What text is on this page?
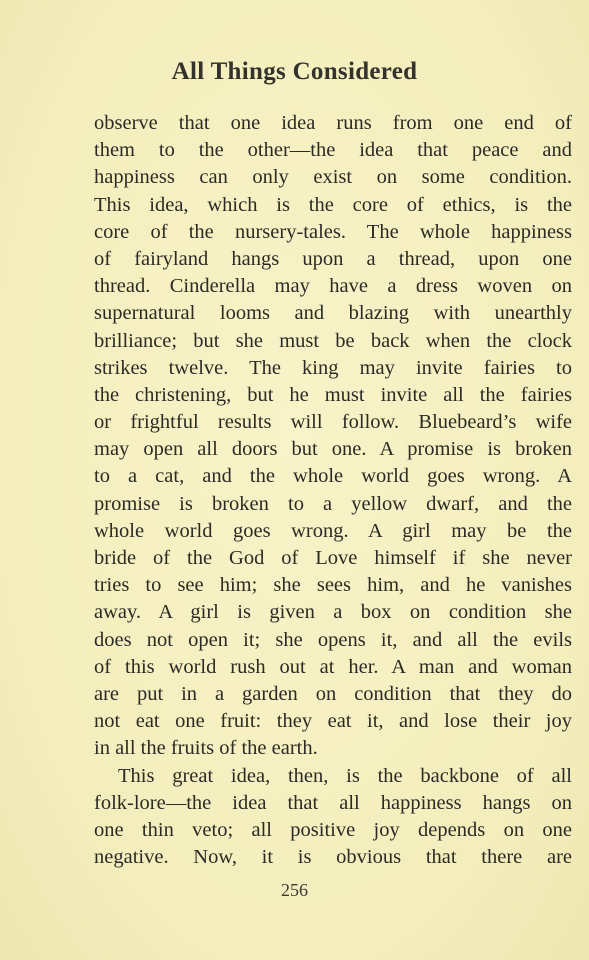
All Things Considered
observe that one idea runs from one end of
them to the other—the idea that peace and
happiness can only exist on some condition.
This idea, which is the core of ethics, is the
core of the nursery-tales. The whole happiness
of fairyland hangs upon a thread, upon one
thread. Cinderella may have a dress woven on
supernatural looms and blazing with unearthly
brilliance; but she must be back when the clock
strikes twelve. The king may invite fairies to
the christening, but he must invite all the fairies
or frightful results will follow. Bluebeard’s wife
may open all doors but one. A promise is broken
to a cat, and the whole world goes wrong. A
promise is broken to a yellow dwarf, and the
whole world goes wrong. A girl may be the
bride of the God of Love himself if she never
tries to see him; she sees him, and he vanishes
away. A girl is given a box on condition she
does not open it; she opens it, and all the evils
of this world rush out at her. A man and woman
are put in a garden on condition that they do
not eat one fruit: they eat it, and lose their joy
in all the fruits of the earth.
This great idea, then, is the backbone of all
folk-lore—the idea that all happiness hangs on
one thin veto; all positive joy depends on one
negative. Now, it is obvious that there are
256
